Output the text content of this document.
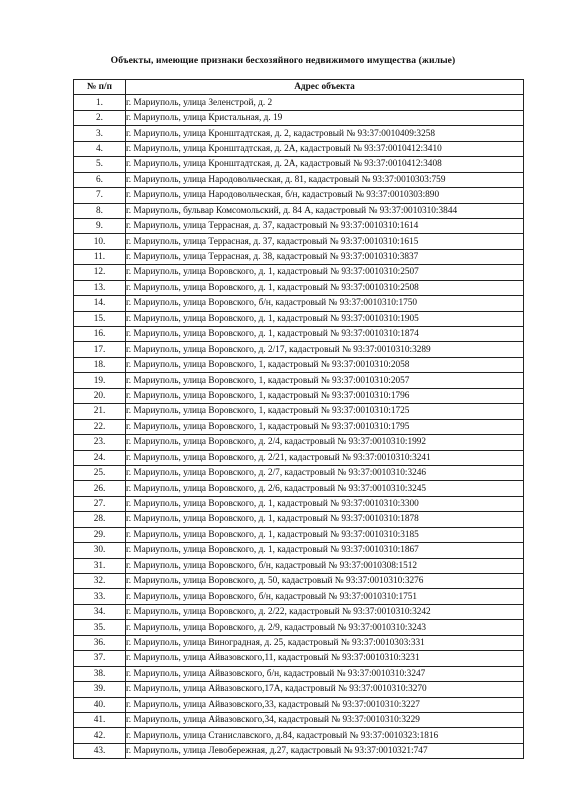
Объекты, имеющие признаки бесхозяйного недвижимого имущества (жилые)
№ п/п	Адрес объекта
1.	г. Мариуполь, улица Зеленстрой, д. 2
2.	г. Мариуполь, улица Кристальная, д. 19
3.	г. Мариуполь, улица Кронштадтская, д. 2, кадастровый № 93:37:0010409:3258
4.	г. Мариуполь, улица Кронштадтская, д. 2А, кадастровый № 93:37:0010412:3410
5.	г. Мариуполь, улица Кронштадтская, д. 2А, кадастровый № 93:37:0010412:3408
6.	г. Мариуполь, улица Народовольческая, д. 81, кадастровый № 93:37:0010303:759
7.	г. Мариуполь, улица Народовольческая, б/н, кадастровый № 93:37:0010303:890
8.	г. Мариуполь, бульвар Комсомольский, д. 84 А, кадастровый № 93:37:0010310:3844
9.	г. Мариуполь, улица Террасная, д. 37, кадастровый № 93:37:0010310:1614
10.	г. Мариуполь, улица Террасная, д. 37, кадастровый № 93:37:0010310:1615
11.	г. Мариуполь, улица Террасная, д. 38, кадастровый № 93:37:0010310:3837
12.	г. Мариуполь, улица Воровского, д. 1, кадастровый № 93:37:0010310:2507
13.	г. Мариуполь, улица Воровского, д. 1, кадастровый № 93:37:0010310:2508
14.	г. Мариуполь, улица Воровского, б/н, кадастровый № 93:37:0010310:1750
15.	г. Мариуполь, улица Воровского, д. 1, кадастровый № 93:37:0010310:1905
16.	г. Мариуполь, улица Воровского, д. 1, кадастровый № 93:37:0010310:1874
17.	г. Мариуполь, улица Воровского, д. 2/17, кадастровый № 93:37:0010310:3289
18.	г. Мариуполь, улица Воровского, 1, кадастровый № 93:37:0010310:2058
19.	г. Мариуполь, улица Воровского, 1, кадастровый № 93:37:0010310:2057
20.	г. Мариуполь, улица Воровского, 1, кадастровый № 93:37:0010310:1796
21.	г. Мариуполь, улица Воровского, 1, кадастровый № 93:37:0010310:1725
22.	г. Мариуполь, улица Воровского, 1, кадастровый № 93:37:0010310:1795
23.	г. Мариуполь, улица Воровского, д. 2/4, кадастровый № 93:37:0010310:1992
24.	г. Мариуполь, улица Воровского, д. 2/21, кадастровый № 93:37:0010310:3241
25.	г. Мариуполь, улица Воровского, д. 2/7, кадастровый № 93:37:0010310:3246
26.	г. Мариуполь, улица Воровского, д. 2/6, кадастровый № 93:37:0010310:3245
27.	г. Мариуполь, улица Воровского, д. 1, кадастровый № 93:37:0010310:3300
28.	г. Мариуполь, улица Воровского, д. 1, кадастровый № 93:37:0010310:1878
29.	г. Мариуполь, улица Воровского, д. 1, кадастровый № 93:37:0010310:3185
30.	г. Мариуполь, улица Воровского, д. 1, кадастровый № 93:37:0010310:1867
31.	г. Мариуполь, улица Воровского, б/н, кадастровый № 93:37:0010308:1512
32.	г. Мариуполь, улица Воровского, д. 50, кадастровый № 93:37:0010310:3276
33.	г. Мариуполь, улица Воровского, б/н, кадастровый № 93:37:0010310:1751
34.	г. Мариуполь, улица Воровского, д. 2/22, кадастровый № 93:37:0010310:3242
35.	г. Мариуполь, улица Воровского, д. 2/9, кадастровый № 93:37:0010310:3243
36.	г. Мариуполь, улица Виноградная, д. 25, кадастровый № 93:37:0010303:331
37.	г. Мариуполь, улица Айвазовского,11, кадастровый № 93:37:0010310:3231
38.	г. Мариуполь, улица Айвазовского, б/н, кадастровый № 93:37:0010310:3247
39.	г. Мариуполь, улица Айвазовского,17А, кадастровый № 93:37:0010310:3270
40.	г. Мариуполь, улица Айвазовского,33, кадастровый № 93:37:0010310:3227
41.	г. Мариуполь, улица Айвазовского,34, кадастровый № 93:37:0010310:3229
42.	г. Мариуполь, улица Станиславского, д.84, кадастровый № 93:37:0010323:1816
43.	г. Мариуполь, улица Левобережная, д.27, кадастровый № 93:37:0010321:747
